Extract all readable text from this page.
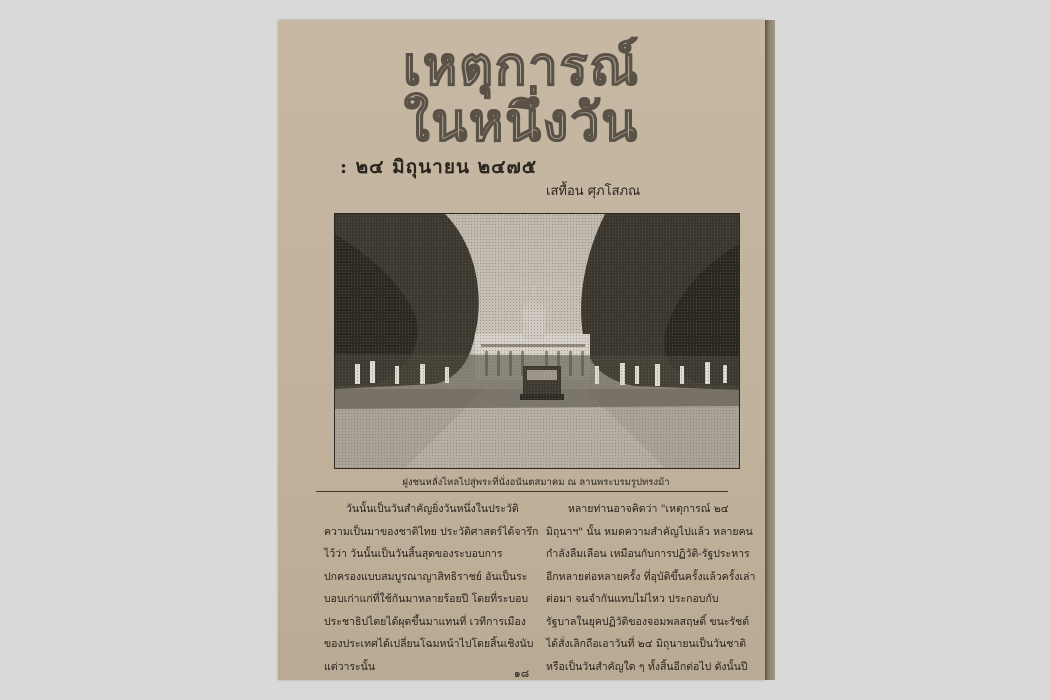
เหตุการณ์
ในหนึ่งวัน
: ๒๔ มิถุนายน ๒๔๗๕
เสทื้อน ศุภโสภณ
ฝูงชนหลั่งไหลไปสู่พระที่นั่งอนันตสมาคม ณ ลานพระบรมรูปทรงม้า
วันนั้นเป็นวันสำคัญยิ่งวันหนึ่งในประวัติ
ความเป็นมาของชาติไทย ประวัติศาสตร์ได้จารึก
ไว้ว่า วันนั้นเป็นวันสิ้นสุดของระบอบการ
ปกครองแบบสมบูรณาญาสิทธิราชย์ อันเป็นระ
บอบเก่าแก่ที่ใช้กันมาหลายร้อยปี โดยที่ระบอบ
ประชาธิปไตยได้ผุดขึ้นมาแทนที่ เวทีการเมือง
ของประเทศได้เปลี่ยนโฉมหน้าไปโดยสิ้นเชิงนับ
แต่วาระนั้น
หลายท่านอาจคิดว่า "เหตุการณ์ ๒๔
มิถุนาฯ" นั้น หมดความสำคัญไปแล้ว หลายคน
กำลังลืมเลือน เหมือนกับการปฏิวัติ-รัฐประหาร
อีกหลายต่อหลายครั้ง ที่อุบัติขึ้นครั้งแล้วครั้งเล่า
ต่อมา จนจำกันแทบไม่ไหว ประกอบกับ
รัฐบาลในยุคปฏิวัติของจอมพลสฤษดิ์ ขนะรัชต์
ได้สั่งเลิกถือเอาวันที่ ๒๔ มิถุนายนเป็นวันชาติ
หรือเป็นวันสำคัญใด ๆ ทั้งสิ้นอีกต่อไป ดังนั้นปี
๑๘
